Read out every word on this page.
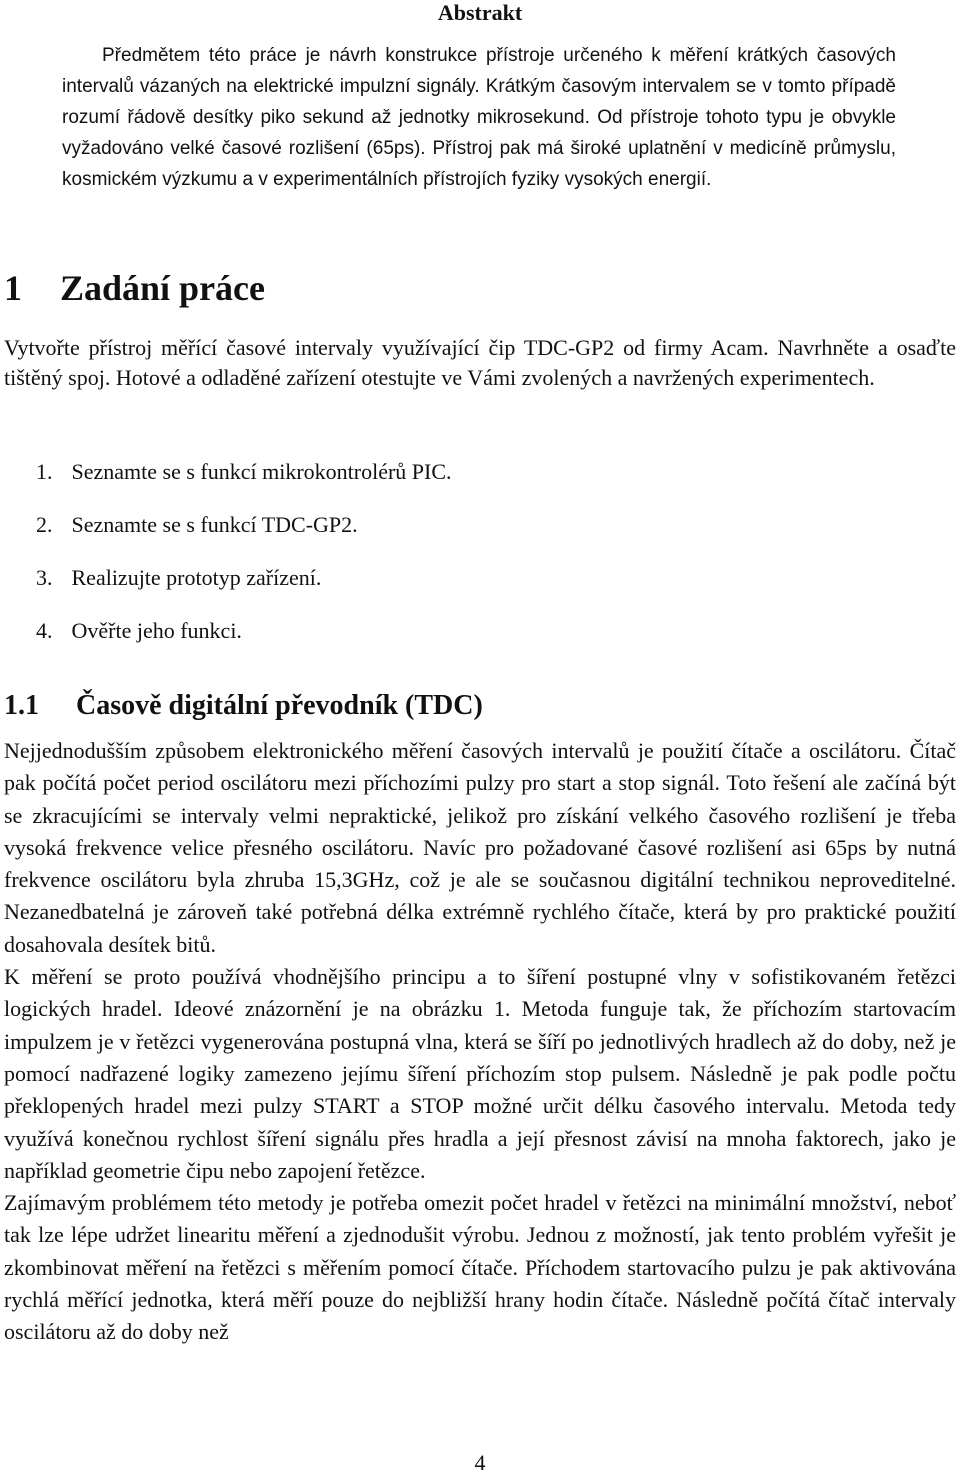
Abstrakt

Předmětem této práce je návrh konstrukce přístroje určeného k měření krátkých časových intervalů vázaných na elektrické impulzní signály. Krátkým časovým intervalem se v tomto případě rozumí řádově desítky piko sekund až jednotky mikrosekund. Od přístroje tohoto typu je obvykle vyžadováno velké časové rozlišení (65ps). Přístroj pak má široké uplatnění v medicíně průmyslu, kosmickém výzkumu a v experimentálních přístrojích fyziky vysokých energií.

1 Zadání práce

Vytvořte přístroj měřící časové intervaly využívající čip TDC-GP2 od firmy Acam. Navrhněte a osaďte tištěný spoj. Hotové a odladěné zařízení otestujte ve Vámi zvolených a navržených experimentech.

1. Seznamte se s funkcí mikrokontrolérů PIC.
2. Seznamte se s funkcí TDC-GP2.
3. Realizujte prototyp zařízení.
4. Ověřte jeho funkci.
1.1 Časově digitální převodník (TDC)

Nejjednodušším způsobem elektronického měření časových intervalů je použití čítače a oscilátoru. Čítač pak počítá počet period oscilátoru mezi příchozími pulzy pro start a stop signál. Toto řešení ale začíná být se zkracujícími se intervaly velmi nepraktické, jelikož pro získání velkého časového rozlišení je třeba vysoká frekvence velice přesného oscilátoru. Navíc pro požadované časové rozlišení asi 65ps by nutná frekvence oscilátoru byla zhruba 15,3GHz, což je ale se současnou digitální technikou neproveditelné. Nezanedbatelná je zároveň také potřebná délka extrémně rychlého čítače, která by pro praktické použití dosahovala desítek bitů.

K měření se proto používá vhodnějšího principu a to šíření postupné vlny v sofistikovaném řetězci logických hradel. Ideové znázornění je na obrázku 1. Metoda funguje tak, že příchozím startovacím impulzem je v řetězci vygenerována postupná vlna, která se šíří po jednotlivých hradlech až do doby, než je pomocí nadřazené logiky zamezeno jejímu šíření příchozím stop pulsem. Následně je pak podle počtu překlopených hradel mezi pulzy START a STOP možné určit délku časového intervalu. Metoda tedy využívá konečnou rychlost šíření signálu přes hradla a její přesnost závisí na mnoha faktorech, jako je například geometrie čipu nebo zapojení řetězce.

Zajímavým problémem této metody je potřeba omezit počet hradel v řetězci na minimální množství, neboť tak lze lépe udržet linearitu měření a zjednodušit výrobu. Jednou z možností, jak tento problém vyřešit je zkombinovat měření na řetězci s měřením pomocí čítače. Příchodem startovacího pulzu je pak aktivována rychlá měřící jednotka, která měří pouze do nejbližší hrany hodin čítače. Následně počítá čítač intervaly oscilátoru až do doby než

4
